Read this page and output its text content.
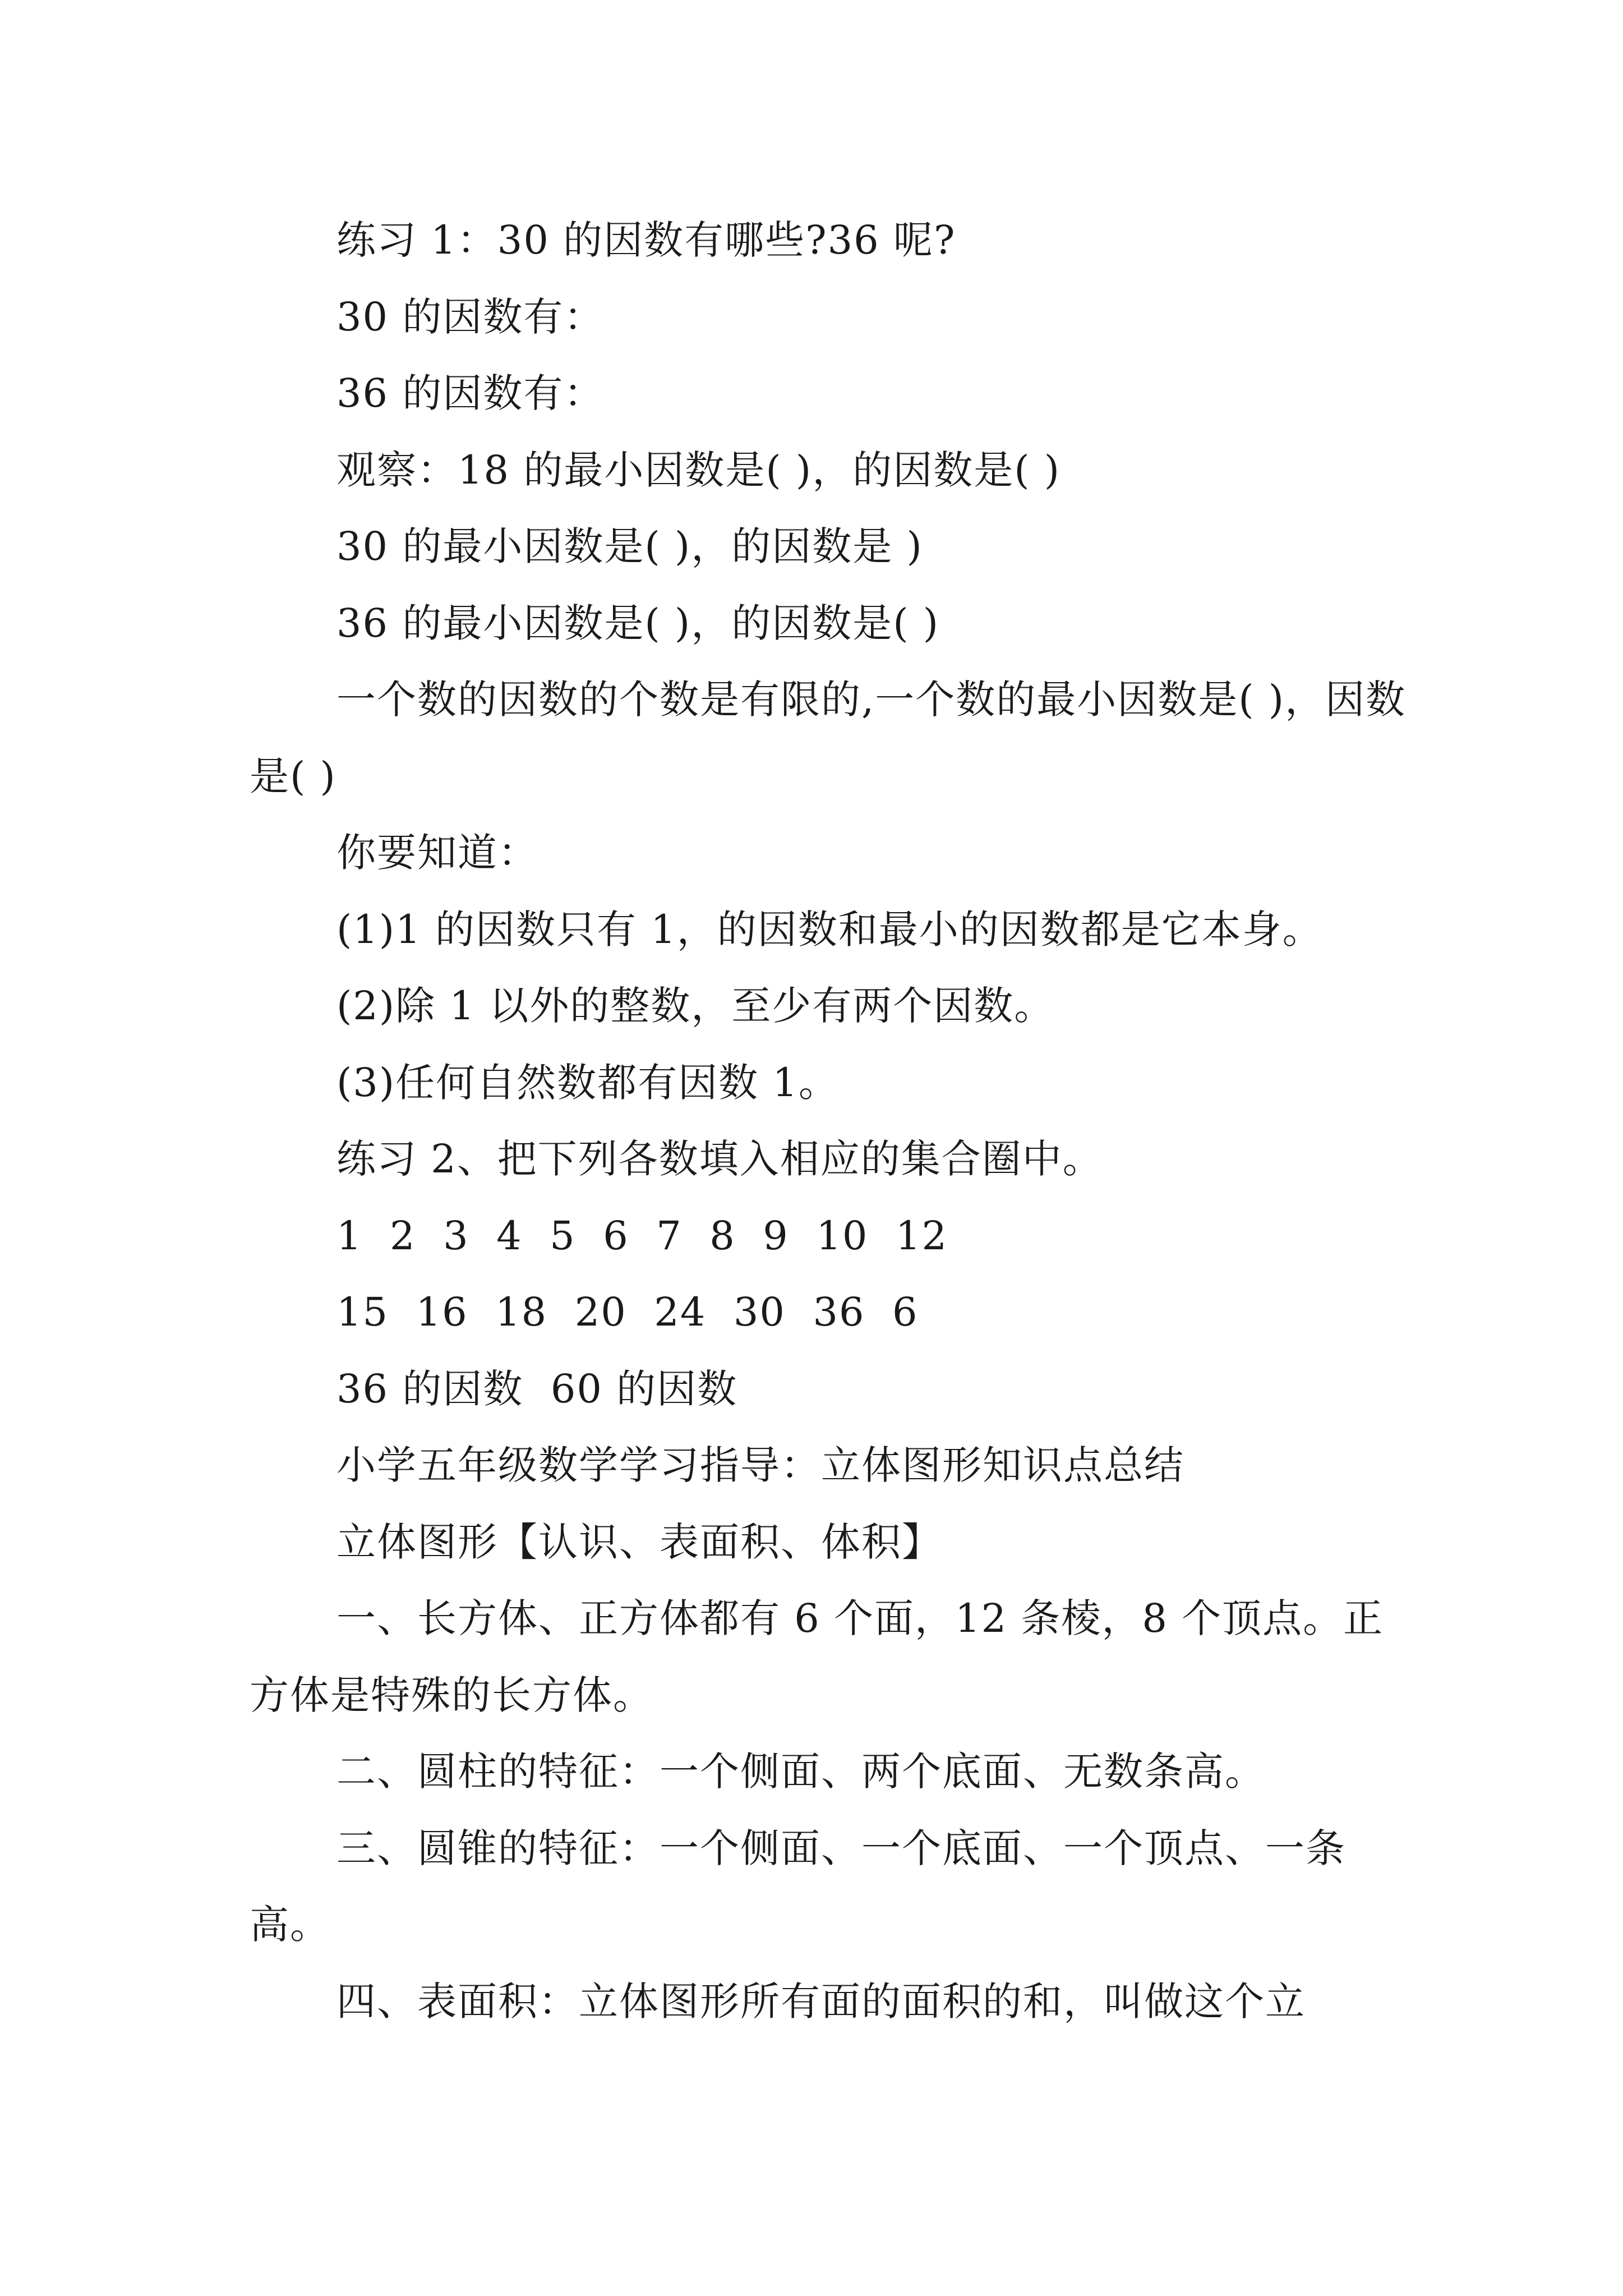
练习 1：30 的因数有哪些?36 呢?

30 的因数有：

36 的因数有：

观察：18 的最小因数是( )，的因数是( )

30 的最小因数是( )，的因数是 )

36 的最小因数是( )，的因数是( )

一个数的因数的个数是有限的,一个数的最小因数是( )，因数是( )

你要知道：

(1)1 的因数只有 1，的因数和最小的因数都是它本身。

(2)除 1 以外的整数，至少有两个因数。

(3)任何自然数都有因数 1。

练习 2、把下列各数填入相应的集合圈中。

1  2  3  4  5  6  7  8  9  10  12

15  16  18  20  24  30  36  6

36 的因数  60 的因数

小学五年级数学学习指导：立体图形知识点总结

立体图形【认识、表面积、体积】

一、长方体、正方体都有 6 个面，12 条棱，8 个顶点。正方体是特殊的长方体。

二、圆柱的特征：一个侧面、两个底面、无数条高。

三、圆锥的特征：一个侧面、一个底面、一个顶点、一条高。

四、表面积：立体图形所有面的面积的和，叫做这个立
